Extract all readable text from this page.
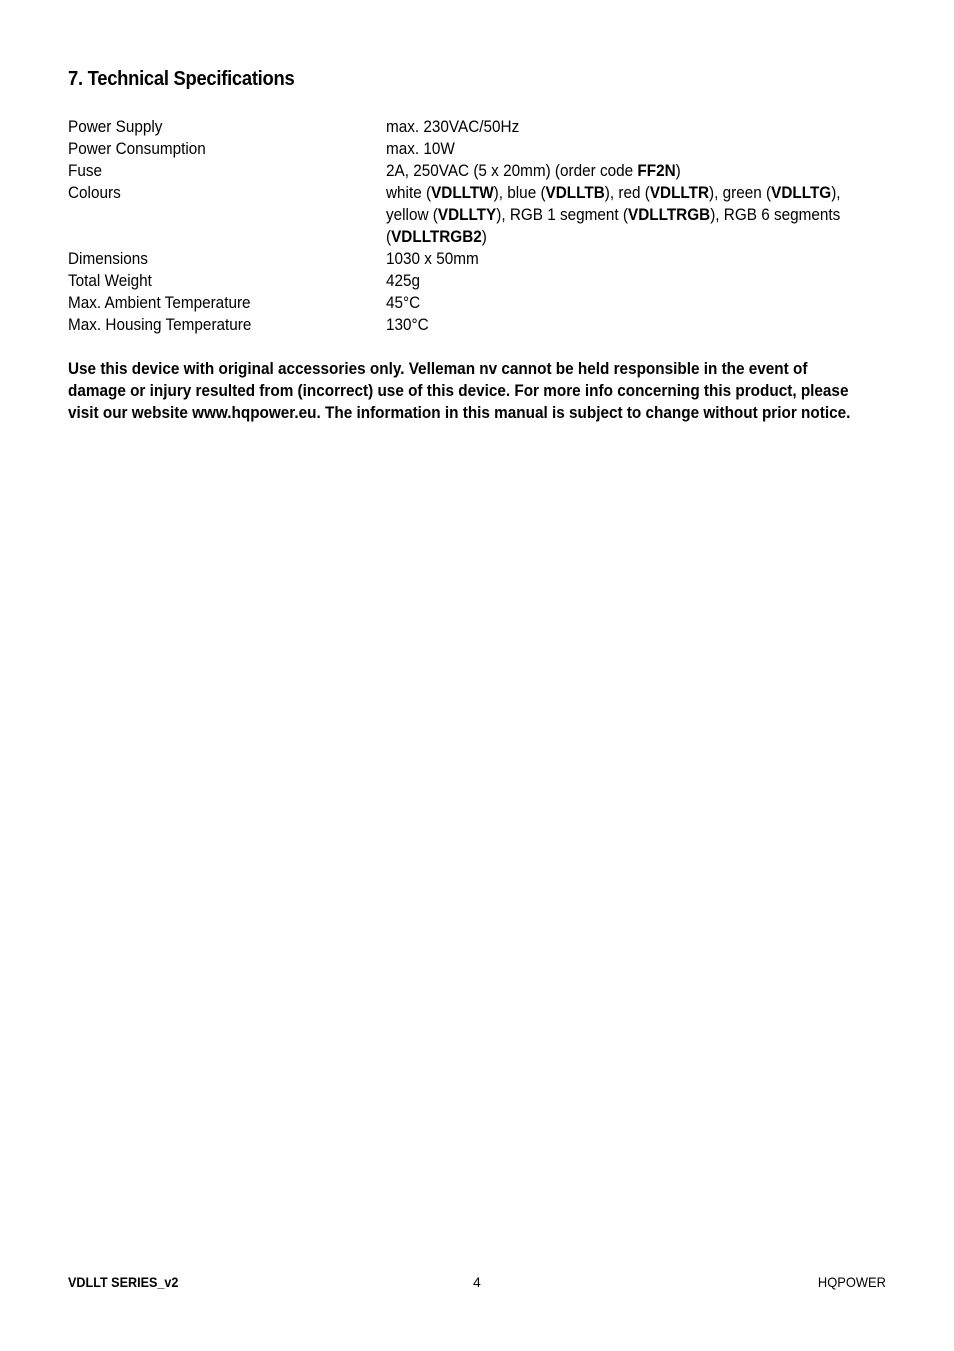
7. Technical Specifications
Power Supply	max. 230VAC/50Hz
Power Consumption	max. 10W
Fuse	2A, 250VAC (5 x 20mm) (order code FF2N)
Colours	white (VDLLTW), blue (VDLLTB), red (VDLLTR), green (VDLLTG), yellow (VDLLTY), RGB 1 segment (VDLLTRGB), RGB 6 segments (VDLLTRGB2)
Dimensions	1030 x 50mm
Total Weight	425g
Max. Ambient Temperature	45°C
Max. Housing Temperature	130°C

Use this device with original accessories only. Velleman nv cannot be held responsible in the event of

damage or injury resulted from (incorrect) use of this device. For more info concerning this product, please

visit our website www.hqpower.eu. The information in this manual is subject to change without prior notice.

VDLLT SERIES_v2	4	HQPOWER
